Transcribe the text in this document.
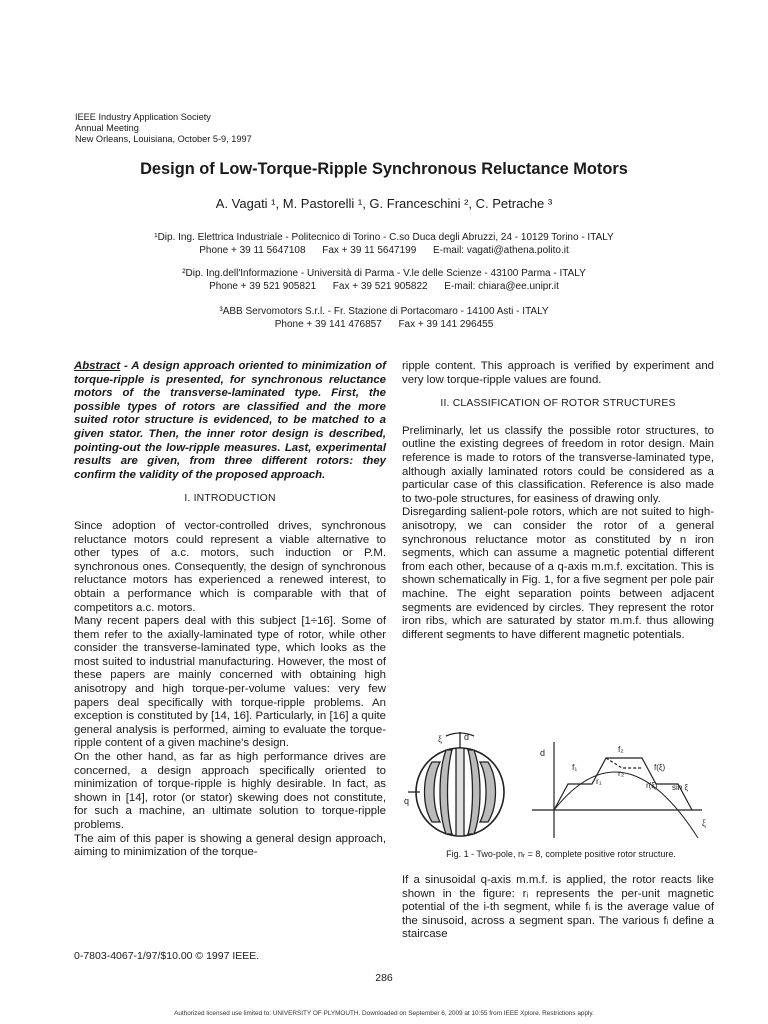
IEEE Industry Application Society
Annual Meeting
New Orleans, Louisiana, October 5-9, 1997
Design of Low-Torque-Ripple Synchronous Reluctance Motors
A. Vagati ¹, M. Pastorelli ¹, G. Franceschini ², C. Petrache ³
¹Dip. Ing. Elettrica Industriale - Politecnico di Torino - C.so Duca degli Abruzzi, 24 - 10129 Torino - ITALY
Phone + 39 11 5647108      Fax + 39 11 5647199      E-mail: vagati@athena.polito.it
²Dip. Ing.dell'Informazione - Università di Parma - V.le delle Scienze - 43100 Parma - ITALY
Phone + 39 521 905821      Fax + 39 521 905822      E-mail: chiara@ee.unipr.it
³ABB Servomotors S.r.l. - Fr. Stazione di Portacomaro - 14100 Asti - ITALY
Phone + 39 141 476857      Fax + 39 141 296455

Abstract - A design approach oriented to minimization of torque-ripple is presented, for synchronous reluctance motors of the transverse-laminated type. First, the possible types of rotors are classified and the more suited rotor structure is evidenced, to be matched to a given stator. Then, the inner rotor design is described, pointing-out the low-ripple measures. Last, experimental results are given, from three different rotors: they confirm the validity of the proposed approach.

I. INTRODUCTION

Since adoption of vector-controlled drives, synchronous reluctance motors could represent a viable alternative to other types of a.c. motors, such induction or P.M. synchronous ones. Consequently, the design of synchronous reluctance motors has experienced a renewed interest, to obtain a performance which is comparable with that of competitors a.c. motors.

Many recent papers deal with this subject [1÷16]. Some of them refer to the axially-laminated type of rotor, while other consider the transverse-laminated type, which looks as the most suited to industrial manufacturing. However, the most of these papers are mainly concerned with obtaining high anisotropy and high torque-per-volume values: very few papers deal specifically with torque-ripple problems. An exception is constituted by [14, 16]. Particularly, in [16] a quite general analysis is performed, aiming to evaluate the torque-ripple content of a given machine's design.

On the other hand, as far as high performance drives are concerned, a design approach specifically oriented to minimization of torque-ripple is highly desirable. In fact, as shown in [14], rotor (or stator) skewing does not constitute, for such a machine, an ultimate solution to torque-ripple problems.

The aim of this paper is showing a general design approach, aiming to minimization of the torque-

ripple content. This approach is verified by experiment and very low torque-ripple values are found.

II. CLASSIFICATION OF ROTOR STRUCTURES

Preliminarly, let us classify the possible rotor structures, to outline the existing degrees of freedom in rotor design. Main reference is made to rotors of the transverse-laminated type, although axially laminated rotors could be considered as a particular case of this classification. Reference is also made to two-pole structures, for easiness of drawing only.

Disregarding salient-pole rotors, which are not suited to high-anisotropy, we can consider the rotor of a general synchronous reluctance motor as constituted by n iron segments, which can assume a magnetic potential different from each other, because of a q-axis m.m.f. excitation. This is shown schematically in Fig. 1, for a five segment per pole pair machine. The eight separation points between adjacent segments are evidenced by circles. They represent the rotor iron ribs, which are saturated by stator m.m.f. thus allowing different segments to have different magnetic potentials.

ξ d
q
d	f₂
f₁
r₂
r₁
f(ξ)
r(ξ) sin ξ
ξ
Fig. 1 - Two-pole, nᵣ = 8, complete positive rotor structure.

If a sinusoidal q-axis m.m.f. is applied, the rotor reacts like shown in the figure: rᵢ represents the per-unit magnetic potential of the i-th segment, while fᵢ is the average value of the sinusoid, across a segment span. The various fᵢ define a staircase

0-7803-4067-1/97/$10.00 © 1997 IEEE.
286
Authorized licensed use limited to: UNIVERSITY OF PLYMOUTH. Downloaded on September 6, 2009 at 10:55 from IEEE Xplore. Restrictions apply.
